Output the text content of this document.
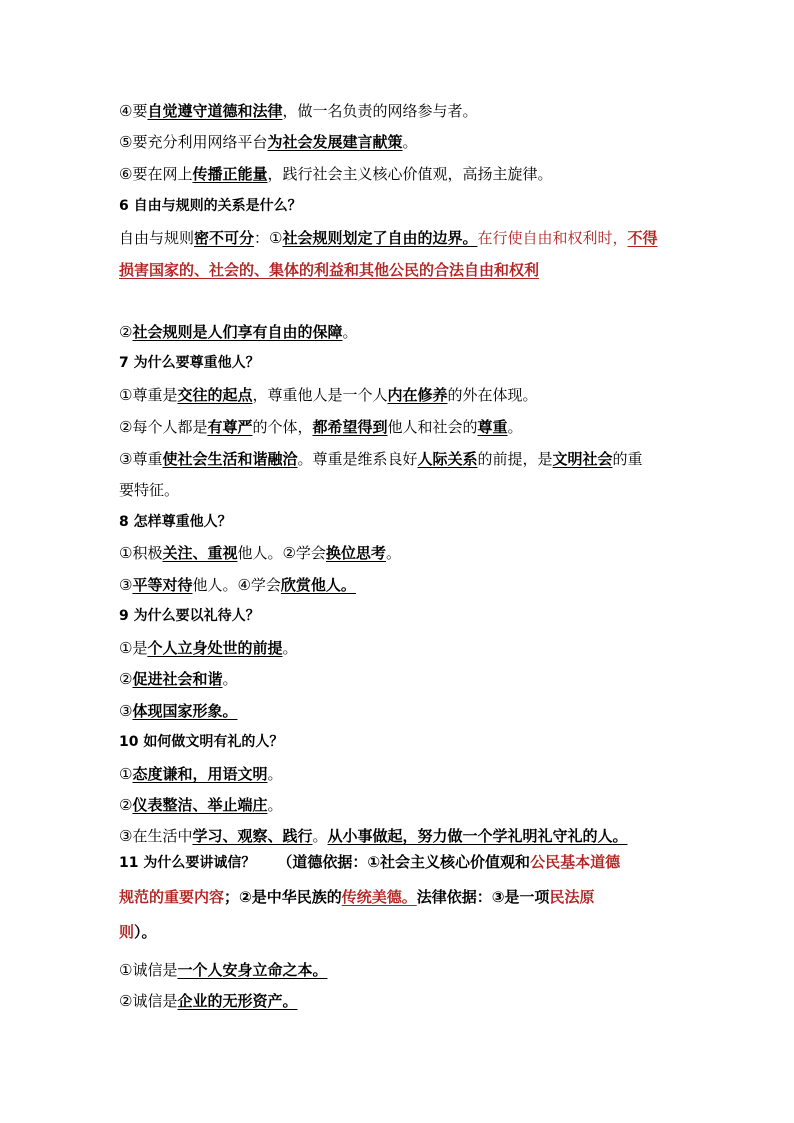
④要自觉遵守道德和法律，做一名负责的网络参与者。
⑤要充分利用网络平台为社会发展建言献策。
⑥要在网上传播正能量，践行社会主义核心价值观，高扬主旋律。
6 自由与规则的关系是什么？
自由与规则密不可分：①社会规则划定了自由的边界。在行使自由和权利时，不得
损害国家的、社会的、集体的利益和其他公民的合法自由和权利
②社会规则是人们享有自由的保障。
7 为什么要尊重他人？
①尊重是交往的起点，尊重他人是一个人内在修养的外在体现。
②每个人都是有尊严的个体，都希望得到他人和社会的尊重。
③尊重使社会生活和谐融洽。尊重是维系良好人际关系的前提，是文明社会的重
要特征。
8 怎样尊重他人？
①积极关注、重视他人。②学会换位思考。
③平等对待他人。④学会欣赏他人。
9 为什么要以礼待人？
①是个人立身处世的前提。
②促进社会和谐。
③体现国家形象。
10 如何做文明有礼的人？
①态度谦和，用语文明。
②仪表整洁、举止端庄。
③在生活中学习、观察、践行。从小事做起，努力做一个学礼明礼守礼的人。
11 为什么要讲诚信？ （道德依据：①社会主义核心价值观和公民基本道德
规范的重要内容；②是中华民族的传统美德。法律依据：③是一项民法原
则）。
①诚信是一个人安身立命之本。
②诚信是企业的无形资产。
